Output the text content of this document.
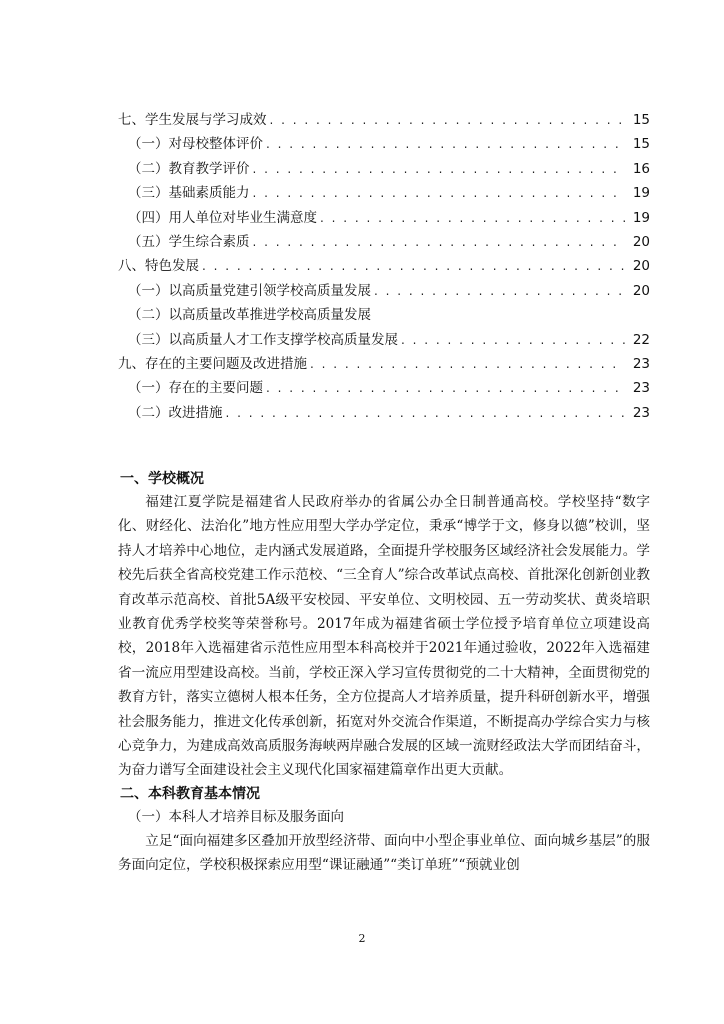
七、学生发展与学习成效 . . .	15
（一）对母校整体评价 . . .	15
（二）教育教学评价 . . .	16
（三）基础素质能力 . . .	19
（四）用人单位对毕业生满意度 . . .	19
（五）学生综合素质 . . .	20
八、特色发展 . . .	20
（一）以高质量党建引领学校高质量发展 . . .	20
（二）以高质量改革推进学校高质量发展
（三）以高质量人才工作支撑学校高质量发展 . . .	22
九、存在的主要问题及改进措施 . . .	23
（一）存在的主要问题 . . .	23
（二）改进措施 . . .	23
一、学校概况

福建江夏学院是福建省人民政府举办的省属公办全日制普通高校。学校坚持“数字化、财经化、法治化”地方性应用型大学办学定位，秉承“博学于文，修身以德”校训，坚持人才培养中心地位，走内涵式发展道路，全面提升学校服务区域经济社会发展能力。学校先后获全省高校党建工作示范校、“三全育人”综合改革试点高校、首批深化创新创业教育改革示范高校、首批5A级平安校园、平安单位、文明校园、五一劳动奖状、黄炎培职业教育优秀学校奖等荣誉称号。2017年成为福建省硕士学位授予培育单位立项建设高校，2018年入选福建省示范性应用型本科高校并于2021年通过验收，2022年入选福建省一流应用型建设高校。当前，学校正深入学习宣传贯彻党的二十大精神，全面贯彻党的教育方针，落实立德树人根本任务，全方位提高人才培养质量，提升科研创新水平，增强社会服务能力，推进文化传承创新，拓宽对外交流合作渠道，不断提高办学综合实力与核心竞争力，为建成高效高质服务海峡两岸融合发展的区域一流财经政法大学而团结奋斗，为奋力谱写全面建设社会主义现代化国家福建篇章作出更大贡献。

二、本科教育基本情况
（一）本科人才培养目标及服务面向

立足“面向福建多区叠加开放型经济带、面向中小型企事业单位、面向城乡基层”的服务面向定位，学校积极探索应用型“课证融通”“类订单班”“预就业创

2
